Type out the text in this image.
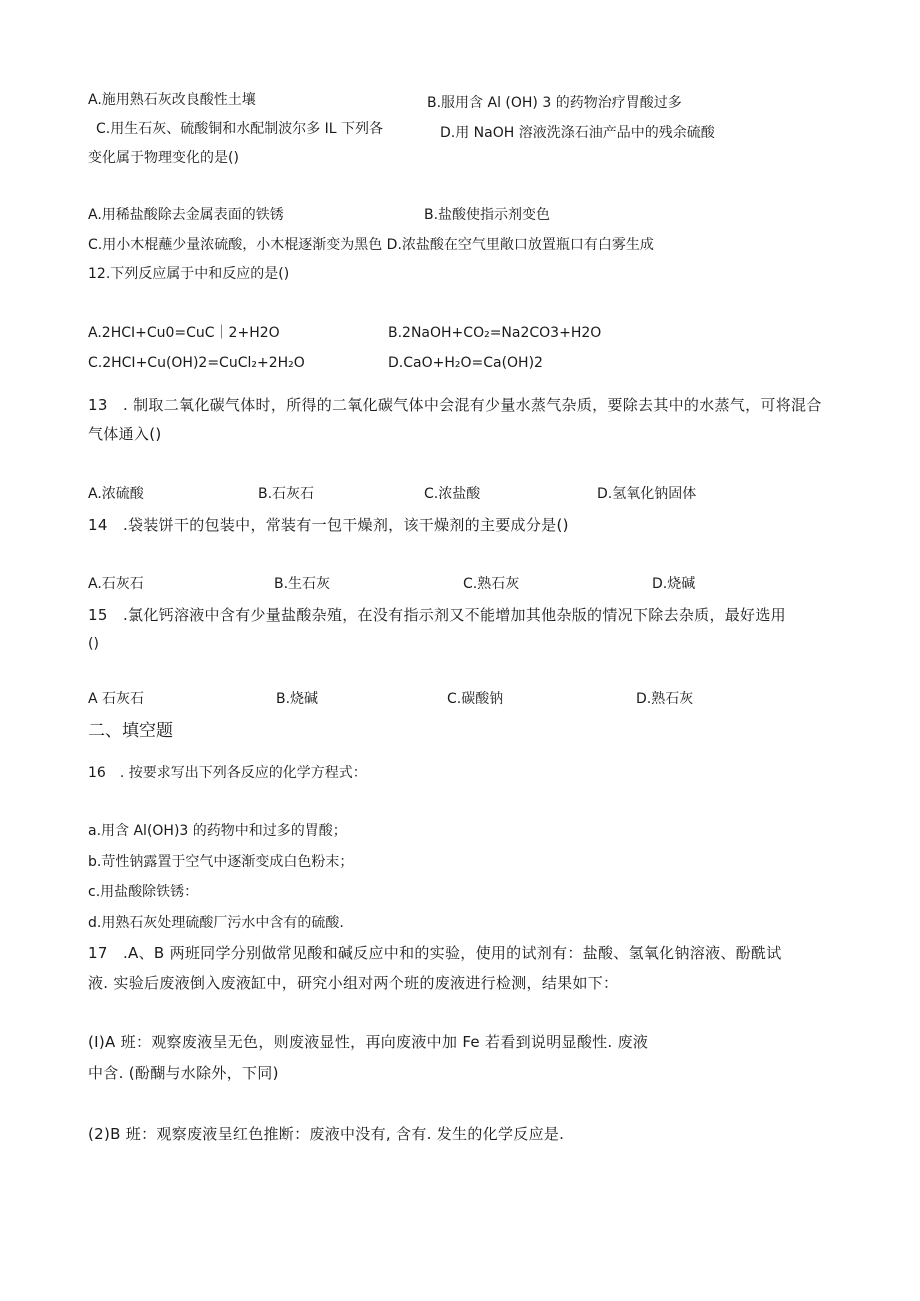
A.施用熟石灰改良酸性土壤	B.服用含 Al (OH) 3 的药物治疗胃酸过多
C.用生石灰、硫酸铜和水配制波尔多 IL 下列各	D.用 NaOH 溶液洗涤石油产品中的残余硫酸
变化属于物理变化的是()
A.用稀盐酸除去金属表面的铁锈	B.盐酸使指示剂变色
C.用小木棍蘸少量浓硫酸，小木棍逐渐变为黑色 D.浓盐酸在空气里敞口放置瓶口有白雾生成
12.下列反应属于中和反应的是()
A.2HCI+Cu0=CuC｜2+H2O	B.2NaOH+CO₂=Na2CO3+H2O
C.2HCI+Cu(OH)2=CuCl₂+2H₂O	D.CaO+H₂O=Ca(OH)2
13　. 制取二氧化碳气体时，所得的二氧化碳气体中会混有少量水蒸气杂质，要除去其中的水蒸气，可将混合
气体通入()
A.浓硫酸	B.石灰石	C.浓盐酸	D.氢氧化钠固体
14　.袋装饼干的包装中，常装有一包干燥剂，该干燥剂的主要成分是()
A.石灰石	B.生石灰	C.熟石灰	D.烧碱
15　.氯化钙溶液中含有少量盐酸杂殖，在没有指示剂又不能增加其他杂版的情况下除去杂质，最好选用
()
A 石灰石	B.烧碱	C.碳酸钠	D.熟石灰
二、填空题
16　. 按要求写出下列各反应的化学方程式：
a.用含 Al(OH)3 的药物中和过多的胃酸；
b.苛性钠露置于空气中逐渐变成白色粉末；
c.用盐酸除铁锈：
d.用熟石灰处理硫酸厂污水中含有的硫酸.
17　.A、B 两班同学分别做常见酸和碱反应中和的实验，使用的试剂有：盐酸、氢氧化钠溶液、酚酰试
液. 实验后废液倒入废液缸中，研究小组对两个班的废液进行检测，结果如下：
(I)A 班：观察废液呈无色，则废液显性，再向废液中加 Fe 若看到说明显酸性. 废液
中含. (酚醐与水除外，下同)
(2)B 班：观察废液呈红色推断：废液中没有, 含有. 发生的化学反应是.
